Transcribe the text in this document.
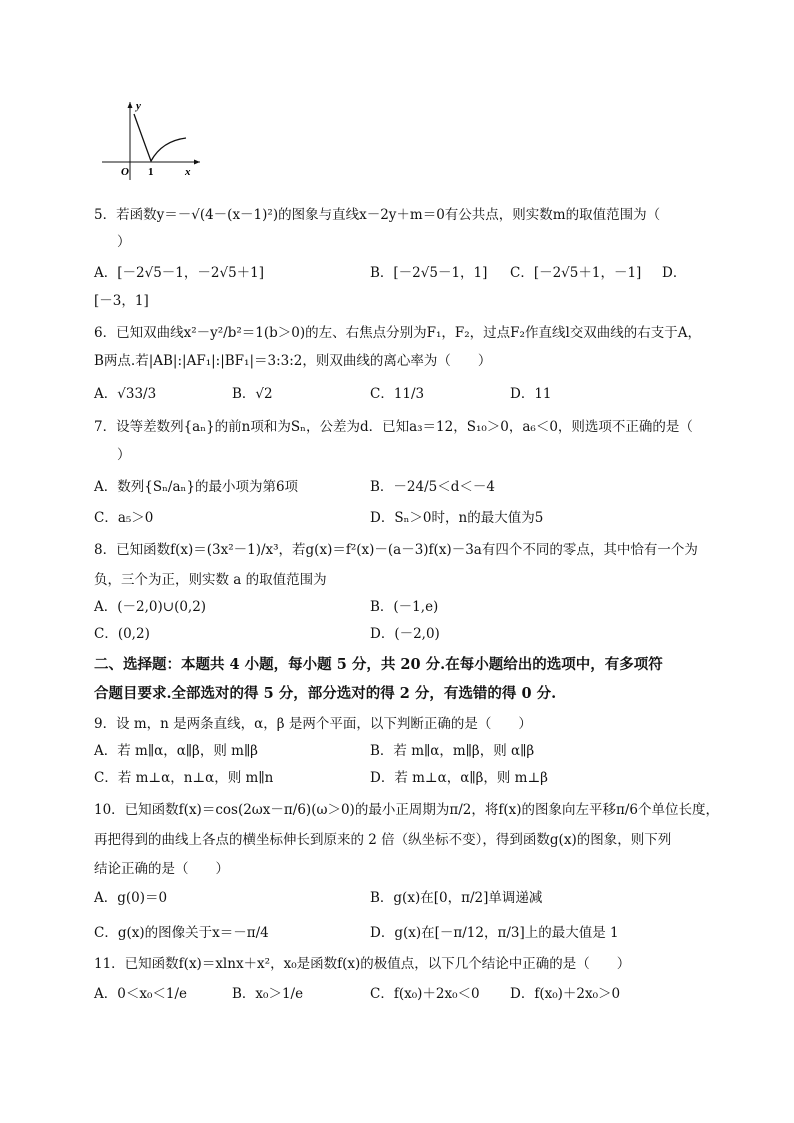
y
x
O 1
5．若函数y＝－√(4－(x－1)²)的图象与直线x－2y＋m＝0有公共点，则实数m的取值范围为（
）
A．[－2√5－1，－2√5＋1]	B．[－2√5－1，1] C．[－2√5＋1，－1] D．
[－3，1]
6．已知双曲线x²－y²/b²＝1(b＞0)的左、右焦点分别为F₁，F₂，过点F₂作直线l交双曲线的右支于A，
B两点.若|AB|:|AF₁|:|BF₁|＝3:3:2，则双曲线的离心率为（　　）
A．√33/3	B．√2	C．11/3	D．11
7．设等差数列{aₙ}的前n项和为Sₙ，公差为d．已知a₃＝12，S₁₀＞0，a₆＜0，则选项不正确的是（
）
A．数列{Sₙ/aₙ}的最小项为第6项	B．－24/5＜d＜－4
C．a₅＞0	D．Sₙ＞0时，n的最大值为5
8．已知函数f(x)＝(3x²－1)/x³，若g(x)＝f²(x)－(a－3)f(x)－3a有四个不同的零点，其中恰有一个为
负，三个为正，则实数 a 的取值范围为
A．(－2,0)∪(0,2)	B．(－1,e)
C．(0,2)	D．(－2,0)
二、选择题：本题共 4 小题，每小题 5 分，共 20 分.在每小题给出的选项中，有多项符
合题目要求.全部选对的得 5 分，部分选对的得 2 分，有选错的得 0 分.
9．设 m，n 是两条直线，α，β 是两个平面，以下判断正确的是（　　）
A．若 m∥α，α∥β，则 m∥β	B．若 m∥α，m∥β，则 α∥β
C．若 m⊥α，n⊥α，则 m∥n	D．若 m⊥α，α∥β，则 m⊥β
10．已知函数f(x)＝cos(2ωx－π/6)(ω＞0)的最小正周期为π/2，将f(x)的图象向左平移π/6个单位长度，
再把得到的曲线上各点的横坐标伸长到原来的 2 倍（纵坐标不变），得到函数g(x)的图象，则下列
结论正确的是（　　）
A．g(0)＝0	B．g(x)在[0，π/2]单调递减
C．g(x)的图像关于x＝－π/4	D．g(x)在[－π/12，π/3]上的最大值是 1
11．已知函数f(x)＝xlnx＋x²，x₀是函数f(x)的极值点，以下几个结论中正确的是（　　）
A．0＜x₀＜1/e	B．x₀＞1/e	C．f(x₀)＋2x₀＜0 D．f(x₀)＋2x₀＞0
